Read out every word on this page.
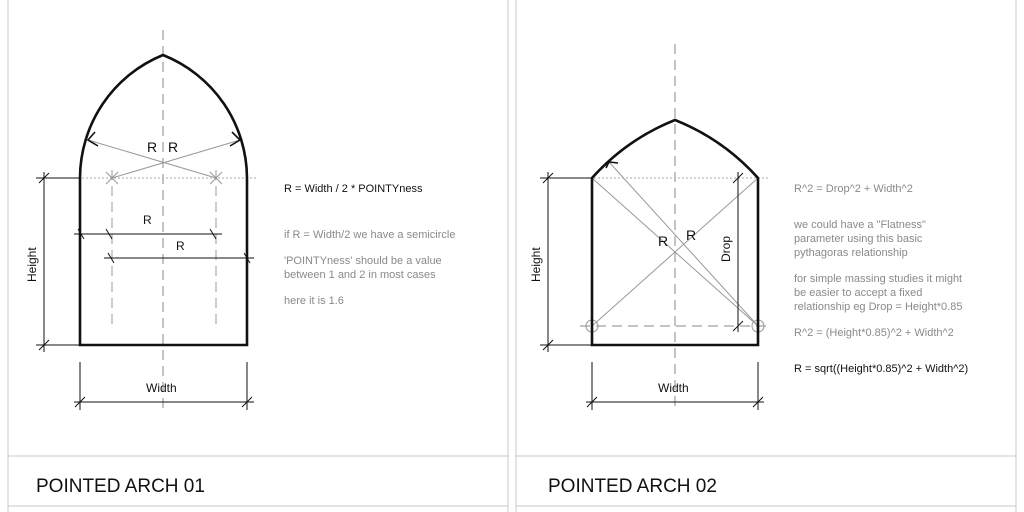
R R
R
R
Height
Width
R = Width / 2 * POINTYness
if R = Width/2 we have a semicircle
'POINTYness' should be a value
between 1 and 2 in most cases
here it is 1.6
POINTED ARCH 01
R R
Drop
Height
Width
R^2 = Drop^2 + Width^2
we could have a "Flatness"
parameter using this basic
pythagoras relationship
for simple massing studies it might
be easier to accept a fixed
relationship eg Drop = Height*0.85
R^2 = (Height*0.85)^2 + Width^2
R = sqrt((Height*0.85)^2 + Width^2)
POINTED ARCH 02
